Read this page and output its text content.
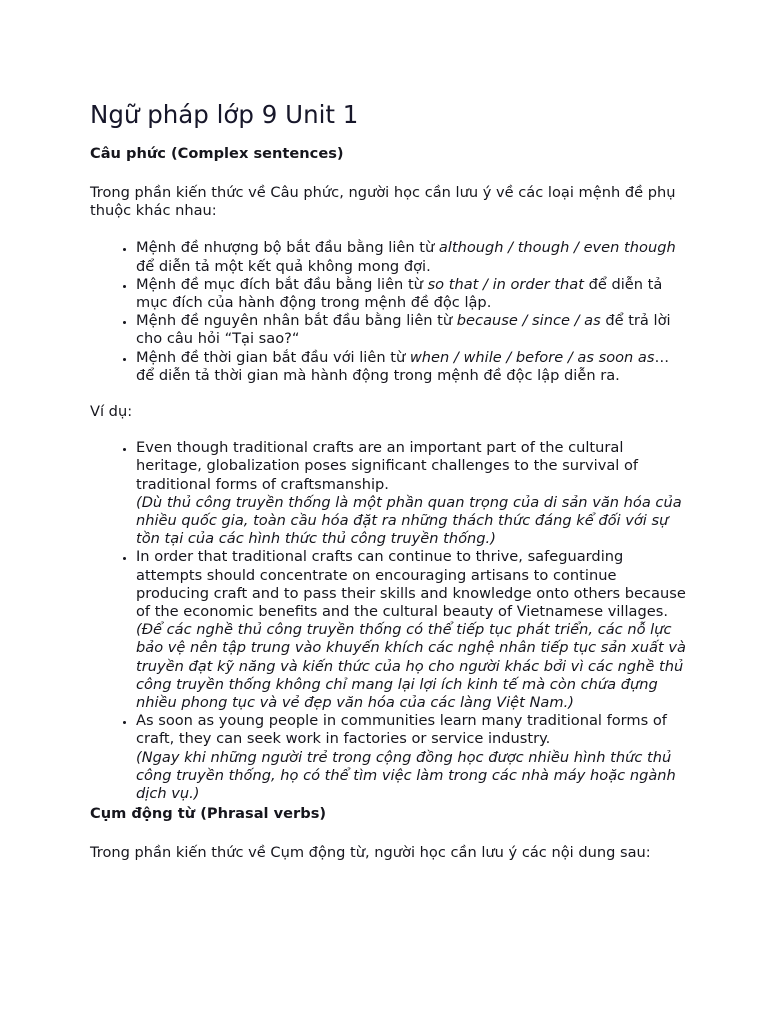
Ngữ pháp lớp 9 Unit 1
Câu phức (Complex sentences)

Trong phần kiến thức về Câu phức, người học cần lưu ý về các loại mệnh đề phụ thuộc khác nhau:

• Mệnh đề nhượng bộ bắt đầu bằng liên từ although / though / even though để diễn tả một kết quả không mong đợi.
• Mệnh đề mục đích bắt đầu bằng liên từ so that / in order that để diễn tả mục đích của hành động trong mệnh đề độc lập.
• Mệnh đề nguyên nhân bắt đầu bằng liên từ because / since / as để trả lời cho câu hỏi “Tại sao?“
• Mệnh đề thời gian bắt đầu với liên từ when / while / before / as soon as… để diễn tả thời gian mà hành động trong mệnh đề độc lập diễn ra.

Ví dụ:

• Even though traditional crafts are an important part of the cultural heritage, globalization poses significant challenges to the survival of traditional forms of craftsmanship.
(Dù thủ công truyền thống là một phần quan trọng của di sản văn hóa của nhiều quốc gia, toàn cầu hóa đặt ra những thách thức đáng kể đối với sự tồn tại của các hình thức thủ công truyền thống.)
• In order that traditional crafts can continue to thrive, safeguarding attempts should concentrate on encouraging artisans to continue producing craft and to pass their skills and knowledge onto others because of the economic benefits and the cultural beauty of Vietnamese villages.
(Để các nghề thủ công truyền thống có thể tiếp tục phát triển, các nỗ lực bảo vệ nên tập trung vào khuyến khích các nghệ nhân tiếp tục sản xuất và truyền đạt kỹ năng và kiến thức của họ cho người khác bởi vì các nghề thủ công truyền thống không chỉ mang lại lợi ích kinh tế mà còn chứa đựng nhiều phong tục và vẻ đẹp văn hóa của các làng Việt Nam.)
• As soon as young people in communities learn many traditional forms of craft, they can seek work in factories or service industry.
(Ngay khi những người trẻ trong cộng đồng học được nhiều hình thức thủ công truyền thống, họ có thể tìm việc làm trong các nhà máy hoặc ngành dịch vụ.)
Cụm động từ (Phrasal verbs)

Trong phần kiến thức về Cụm động từ, người học cần lưu ý các nội dung sau:
